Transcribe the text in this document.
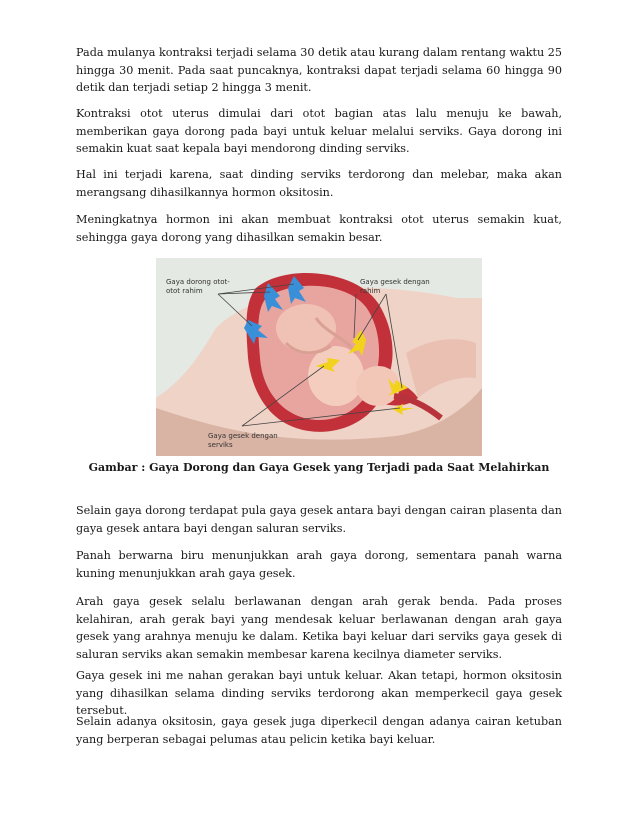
Pada mulanya kontraksi terjadi selama 30 detik atau kurang dalam rentang waktu 25 hingga 30 menit. Pada saat puncaknya, kontraksi dapat terjadi selama 60 hingga 90 detik dan terjadi setiap 2 hingga 3 menit.

Kontraksi otot uterus dimulai dari otot bagian atas lalu menuju ke bawah, memberikan gaya dorong pada bayi untuk keluar melalui serviks. Gaya dorong ini semakin kuat saat kepala bayi mendorong dinding serviks.

Hal ini terjadi karena, saat dinding serviks terdorong dan melebar, maka akan merangsang dihasilkannya hormon oksitosin.

Meningkatnya hormon ini akan membuat kontraksi otot uterus semakin kuat, sehingga gaya dorong yang dihasilkan semakin besar.

Gaya dorong otot-
otot rahim
Gaya gesek dengan
rahim
Gaya gesek dengan
serviks

Gambar : Gaya Dorong dan Gaya Gesek yang Terjadi pada Saat Melahirkan

Selain gaya dorong terdapat pula gaya gesek antara bayi dengan cairan plasenta dan gaya gesek antara bayi dengan saluran serviks.

Panah berwarna biru menunjukkan arah gaya dorong, sementara panah warna kuning menunjukkan arah gaya gesek.

Arah gaya gesek selalu berlawanan dengan arah gerak benda. Pada proses kelahiran, arah gerak bayi yang mendesak keluar berlawanan dengan arah gaya gesek yang arahnya menuju ke dalam. Ketika bayi keluar dari serviks gaya gesek di saluran serviks akan semakin membesar karena kecilnya diameter serviks.

Gaya gesek ini me nahan gerakan bayi untuk keluar. Akan tetapi, hormon oksitosin yang dihasilkan selama dinding serviks terdorong akan memperkecil gaya gesek tersebut.

Selain adanya oksitosin, gaya gesek juga diperkecil dengan adanya cairan ketuban yang berperan sebagai pelumas atau pelicin ketika bayi keluar.
